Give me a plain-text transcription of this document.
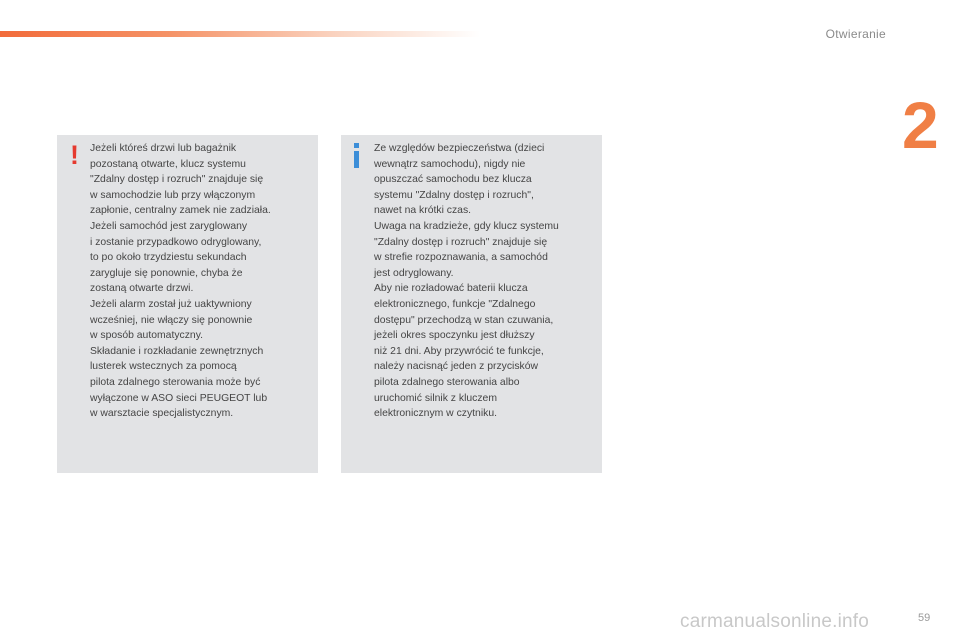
Otwieranie
2
! Jeżeli któreś drzwi lub bagażnik
pozostaną otwarte, klucz systemu
"Zdalny dostęp i rozruch" znajduje się
w samochodzie lub przy włączonym
zapłonie, centralny zamek nie zadziała.
Jeżeli samochód jest zaryglowany
i zostanie przypadkowo odryglowany,
to po około trzydziestu sekundach
zarygluje się ponownie, chyba że
zostaną otwarte drzwi.
Jeżeli alarm został już uaktywniony
wcześniej, nie włączy się ponownie
w sposób automatyczny.
Składanie i rozkładanie zewnętrznych
lusterek wstecznych za pomocą
pilota zdalnego sterowania może być
wyłączone w ASO sieci PEUGEOT lub
w warsztacie specjalistycznym.
Ze względów bezpieczeństwa (dzieci
wewnątrz samochodu), nigdy nie
opuszczać samochodu bez klucza
systemu "Zdalny dostęp i rozruch",
nawet na krótki czas.
Uwaga na kradzieże, gdy klucz systemu
"Zdalny dostęp i rozruch" znajduje się
w strefie rozpoznawania, a samochód
jest odryglowany.
Aby nie rozładować baterii klucza
elektronicznego, funkcje "Zdalnego
dostępu" przechodzą w stan czuwania,
jeżeli okres spoczynku jest dłuższy
niż 21 dni. Aby przywrócić te funkcje,
należy nacisnąć jeden z przycisków
pilota zdalnego sterowania albo
uruchomić silnik z kluczem
elektronicznym w czytniku.
carmanualsonline.info	59
